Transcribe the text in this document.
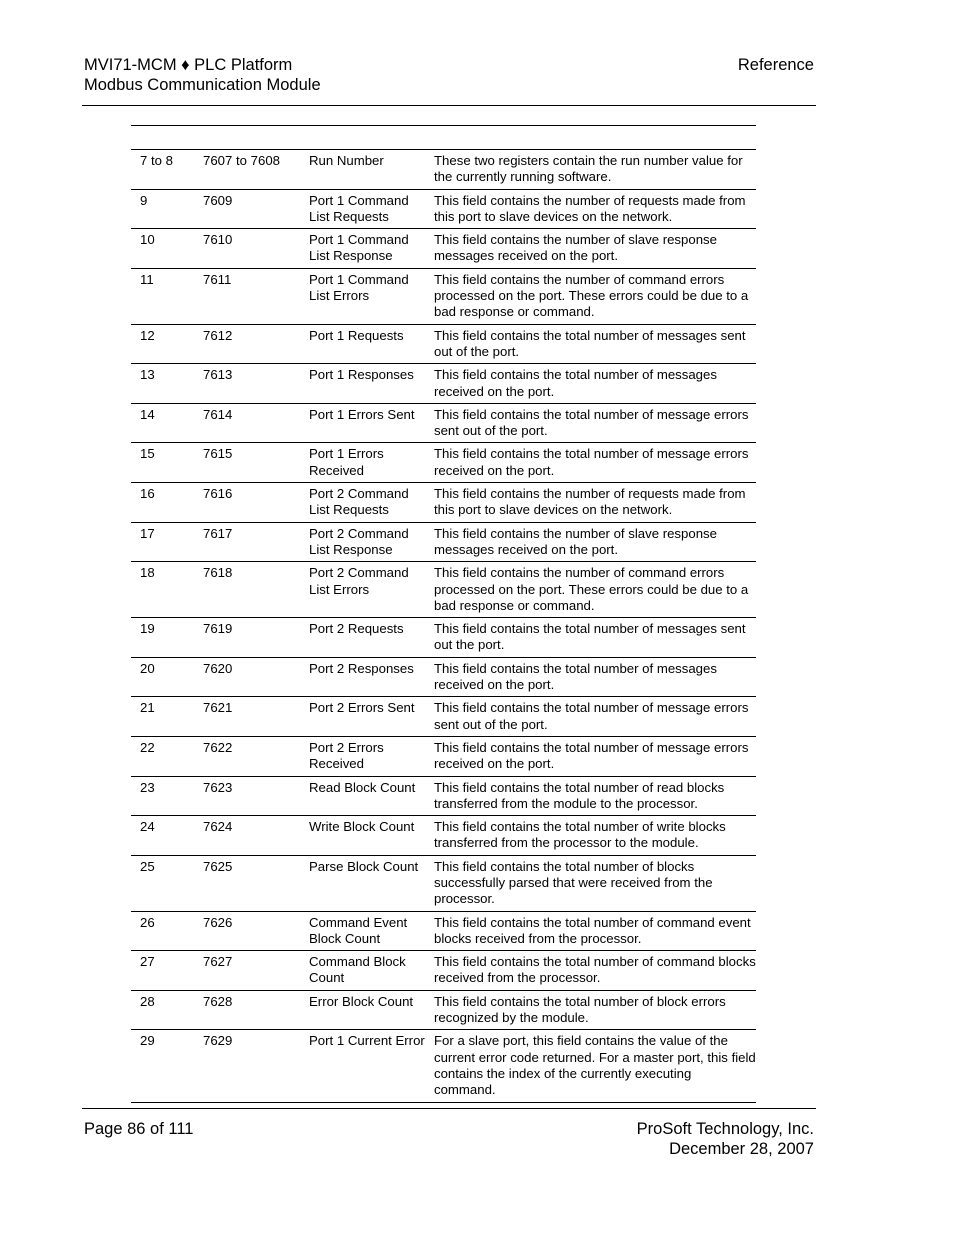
MVI71-MCM ♦ PLC Platform
Modbus Communication Module
Reference
7 to 8	7607 to 7608	Run Number	These two registers contain the run number value for the currently running software.
9	7609	Port 1 Command List Requests	This field contains the number of requests made from this port to slave devices on the network.
10	7610	Port 1 Command List Response	This field contains the number of slave response messages received on the port.
11	7611	Port 1 Command List Errors	This field contains the number of command errors processed on the port. These errors could be due to a bad response or command.
12	7612	Port 1 Requests	This field contains the total number of messages sent out of the port.
13	7613	Port 1 Responses	This field contains the total number of messages received on the port.
14	7614	Port 1 Errors Sent	This field contains the total number of message errors sent out of the port.
15	7615	Port 1 Errors Received	This field contains the total number of message errors received on the port.
16	7616	Port 2 Command List Requests	This field contains the number of requests made from this port to slave devices on the network.
17	7617	Port 2 Command List Response	This field contains the number of slave response messages received on the port.
18	7618	Port 2 Command List Errors	This field contains the number of command errors processed on the port. These errors could be due to a bad response or command.
19	7619	Port 2 Requests	This field contains the total number of messages sent out the port.
20	7620	Port 2 Responses	This field contains the total number of messages received on the port.
21	7621	Port 2 Errors Sent	This field contains the total number of message errors sent out of the port.
22	7622	Port 2 Errors Received	This field contains the total number of message errors received on the port.
23	7623	Read Block Count	This field contains the total number of read blocks transferred from the module to the processor.
24	7624	Write Block Count	This field contains the total number of write blocks transferred from the processor to the module.
25	7625	Parse Block Count	This field contains the total number of blocks successfully parsed that were received from the processor.
26	7626	Command Event Block Count	This field contains the total number of command event blocks received from the processor.
27	7627	Command Block Count	This field contains the total number of command blocks received from the processor.
28	7628	Error Block Count	This field contains the total number of block errors recognized by the module.
29	7629	Port 1 Current Error	For a slave port, this field contains the value of the current error code returned. For a master port, this field contains the index of the currently executing command.
Page 86 of 111	ProSoft Technology, Inc.
December 28, 2007
